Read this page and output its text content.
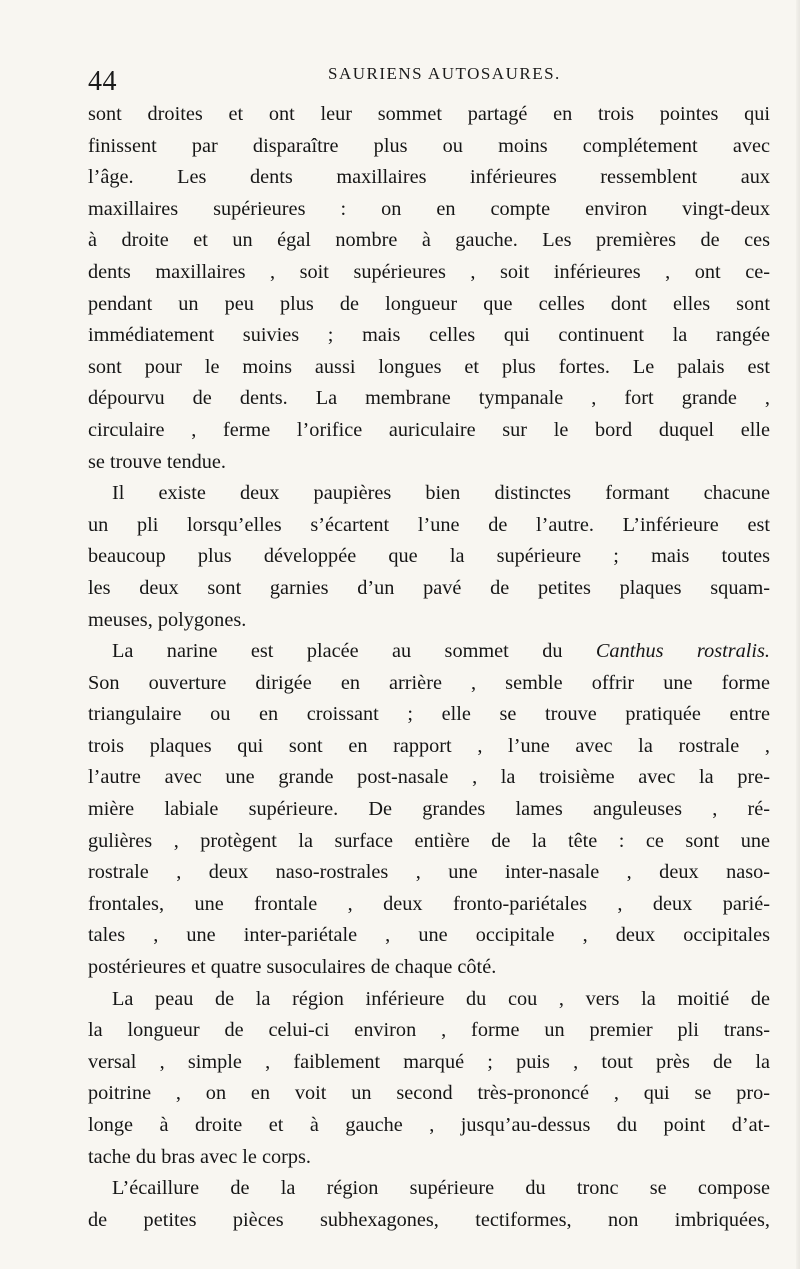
44	SAURIENS AUTOSAURES.
sont droites et ont leur sommet partagé en trois pointes qui
finissent par disparaître plus ou moins complétement avec
l’âge. Les dents maxillaires inférieures ressemblent aux
maxillaires supérieures : on en compte environ vingt-deux
à droite et un égal nombre à gauche. Les premières de ces
dents maxillaires , soit supérieures , soit inférieures , ont ce-
pendant un peu plus de longueur que celles dont elles sont
immédiatement suivies ; mais celles qui continuent la rangée
sont pour le moins aussi longues et plus fortes. Le palais est
dépourvu de dents. La membrane tympanale , fort grande ,
circulaire , ferme l’orifice auriculaire sur le bord duquel elle
se trouve tendue.
Il existe deux paupières bien distinctes formant chacune
un pli lorsqu’elles s’écartent l’une de l’autre. L’inférieure est
beaucoup plus développée que la supérieure ; mais toutes
les deux sont garnies d’un pavé de petites plaques squam-
meuses, polygones.
La narine est placée au sommet du Canthus rostralis.
Son ouverture dirigée en arrière , semble offrir une forme
triangulaire ou en croissant ; elle se trouve pratiquée entre
trois plaques qui sont en rapport , l’une avec la rostrale ,
l’autre avec une grande post-nasale , la troisième avec la pre-
mière labiale supérieure. De grandes lames anguleuses , ré-
gulières , protègent la surface entière de la tête : ce sont une
rostrale , deux naso-rostrales , une inter-nasale , deux naso-
frontales, une frontale , deux fronto-pariétales , deux parié-
tales , une inter-pariétale , une occipitale , deux occipitales
postérieures et quatre susoculaires de chaque côté.
La peau de la région inférieure du cou , vers la moitié de
la longueur de celui-ci environ , forme un premier pli trans-
versal , simple , faiblement marqué ; puis , tout près de la
poitrine , on en voit un second très-prononcé , qui se pro-
longe à droite et à gauche , jusqu’au-dessus du point d’at-
tache du bras avec le corps.
L’écaillure de la région supérieure du tronc se compose
de petites pièces subhexagones, tectiformes, non imbriquées,
